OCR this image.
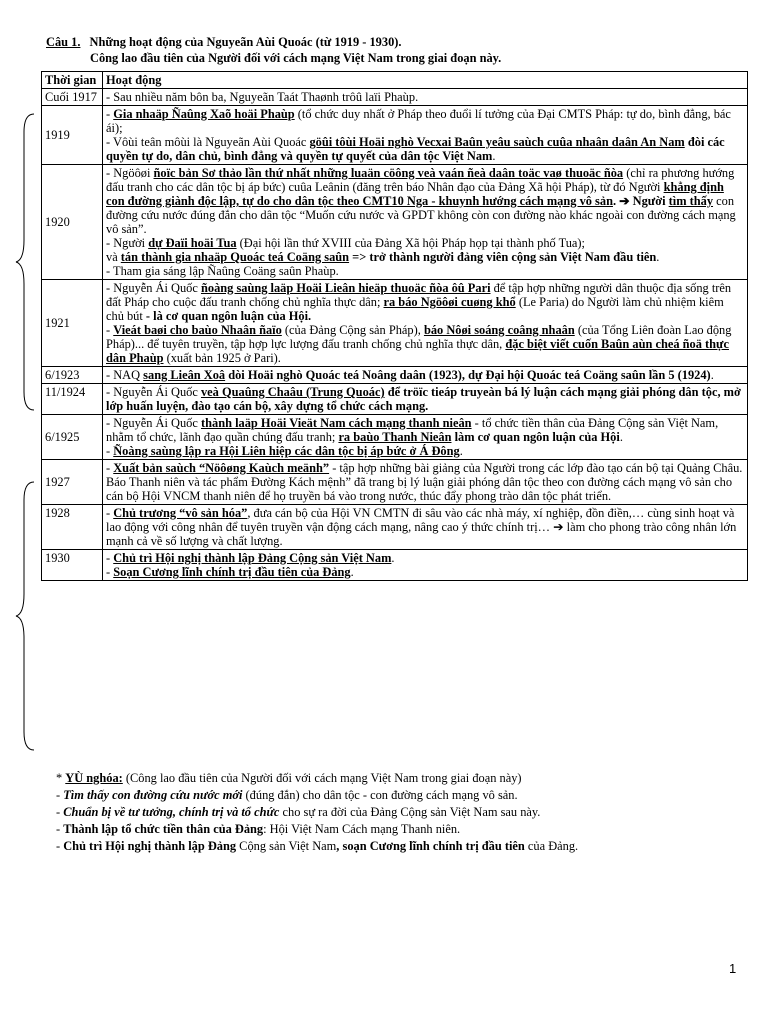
Câu 1. Những hoạt động của Nguyeãn Aùi Quoác (từ 1919 - 1930).
Công lao đầu tiên của Người đối với cách mạng Việt Nam trong giai đoạn này.
Thời gian	Hoạt động
Cuối 1917	- Sau nhiều năm bôn ba, Nguyeãn Taát Thaønh trôû laïi Phaùp.
1919	- Gia nhaäp Ñaûng Xaõ hoäi Phaùp (tổ chức duy nhất ở Pháp theo đuổi lí tưởng của Đại CMTS Pháp: tự do, bình đẳng, bác ái);
- Vôùi teân môùi là Nguyeãn Aùi Quoác göûi tôùi Hoäi nghò Vecxai Baûn yeâu saùch cuûa nhaân daân An Nam đòi các quyền tự do, dân chủ, bình đẳng và quyền tự quyết của dân tộc Việt Nam.
1920	- Ngöôøi ñoïc bản Sơ thảo lần thứ nhất những luaän cöông veà vaán ñeà daân toäc vaø thuoäc ñòa (chỉ ra phương hướng đấu tranh cho các dân tộc bị áp bức) cuûa Leânin (đăng trên báo Nhân đạo của Đảng Xã hội Pháp), từ đó Người khẳng định con đường giành độc lập, tự do cho dân tộc theo CMT10 Nga - khuynh hướng cách mạng vô sản. ➔ Người tìm thấy con đường cứu nước đúng đắn cho dân tộc “Muốn cứu nước và GPDT không còn con đường nào khác ngoài con đường cách mạng vô sản”.
- Người dự Đaïi hoäi Tua (Đại hội lần thứ XVIII của Đảng Xã hội Pháp họp tại thành phố Tua);
và tán thành gia nhaäp Quoác teá Coäng saûn => trở thành người đảng viên cộng sản Việt Nam đầu tiên.
- Tham gia sáng lập Ñaûng Coäng saûn Phaùp.
1921	- Nguyễn Ái Quốc ñoàng saùng laäp Hoäi Lieân hieäp thuoäc ñòa ôû Pari để tập hợp những người dân thuộc địa sống trên đất Pháp cho cuộc đấu tranh chống chủ nghĩa thực dân; ra báo Ngöôøi cuøng khổ (Le Paria) do Người làm chủ nhiệm kiêm chủ bút - là cơ quan ngôn luận của Hội.
- Vieát baøi cho baùo Nhaân ñaïo (của Đảng Cộng sản Pháp), báo Nôøi soáng coâng nhaân (của Tổng Liên đoàn Lao động Pháp)... để tuyên truyền, tập hợp lực lượng đấu tranh chống chủ nghĩa thực dân, đặc biệt viết cuốn Baûn aùn cheá ñoä thực dân Phaùp (xuất bản 1925 ở Pari).
6/1923	- NAQ sang Lieân Xoâ dòi Hoäi nghò Quoác teá Noâng daân (1923), dự Đại hội Quoác teá Coäng saûn lần 5 (1924).
11/1924	- Nguyễn Ái Quốc veà Quaûng Chaâu (Trung Quoác) để tröïc tieáp truyeàn bá lý luận cách mạng giải phóng dân tộc, mở lớp huấn luyện, đào tạo cán bộ, xây dựng tổ chức cách mạng.
6/1925	- Nguyễn Ái Quốc thành laäp Hoäi Vieät Nam cách mạng thanh nieân - tổ chức tiền thân của Đảng Cộng sản Việt Nam, nhằm tổ chức, lãnh đạo quần chúng đấu tranh; ra baùo Thanh Nieân làm cơ quan ngôn luận của Hội.
- Ñoàng saùng lập ra Hội Liên hiệp các dân tộc bị áp bức ở Á Đông.
1927	- Xuất bản saùch “Nöôøng Kaùch meänh” - tập hợp những bài giảng của Người trong các lớp đào tạo cán bộ tại Quảng Châu. Báo Thanh niên và tác phẩm Đường Kách mệnh” đã trang bị lý luận giải phóng dân tộc theo con đường cách mạng vô sản cho cán bộ Hội VNCM thanh niên để họ truyền bá vào trong nước, thúc đẩy phong trào dân tộc phát triển.
1928	- Chủ trương “vô sản hóa”, đưa cán bộ của Hội VN CMTN đi sâu vào các nhà máy, xí nghiệp, đồn điền,… cùng sinh hoạt và lao động với công nhân để tuyên truyền vận động cách mạng, nâng cao ý thức chính trị… ➔ làm cho phong trào công nhân lớn mạnh cả về số lượng và chất lượng.
1930	- Chủ trì Hội nghị thành lập Đảng Cộng sản Việt Nam.
- Soạn Cương lĩnh chính trị đầu tiên của Đảng.
* YÙ nghóa: (Công lao đầu tiên của Người đối với cách mạng Việt Nam trong giai đoạn này)
- Tìm thấy con đường cứu nước mới (đúng đắn) cho dân tộc - con đường cách mạng vô sản.
- Chuẩn bị về tư tưởng, chính trị và tổ chức cho sự ra đời của Đảng Cộng sản Việt Nam sau này.
- Thành lập tổ chức tiền thân của Đảng: Hội Việt Nam Cách mạng Thanh niên.
- Chủ trì Hội nghị thành lập Đảng Cộng sản Việt Nam, soạn Cương lĩnh chính trị đầu tiên của Đảng.
1
